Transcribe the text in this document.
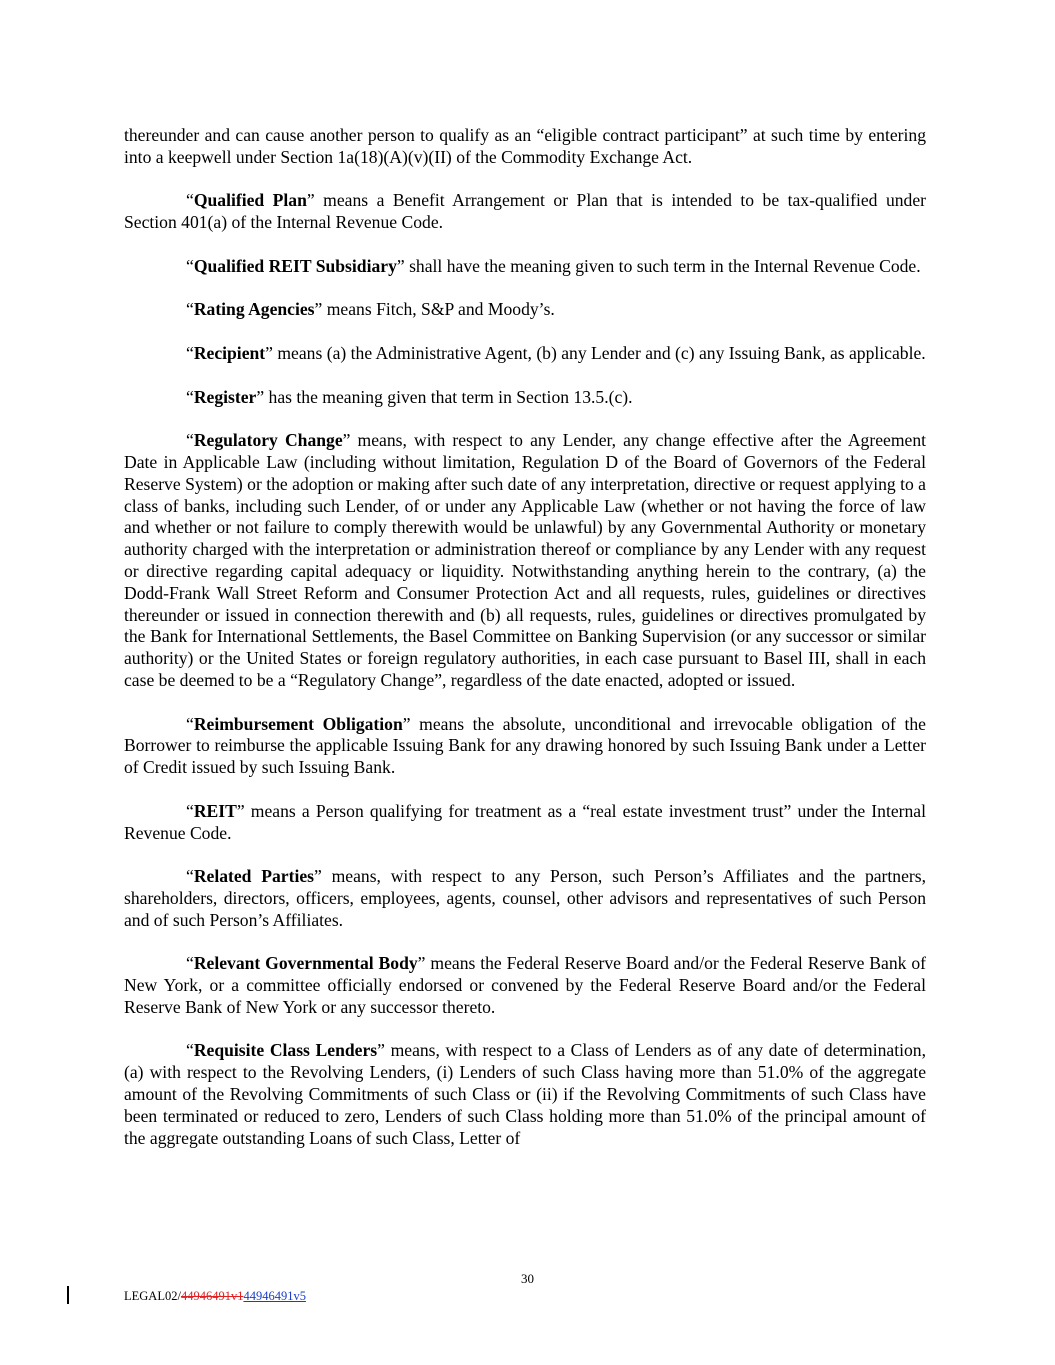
thereunder and can cause another person to qualify as an “eligible contract participant” at such time by entering into a keepwell under Section 1a(18)(A)(v)(II) of the Commodity Exchange Act.

“Qualified Plan” means a Benefit Arrangement or Plan that is intended to be tax-qualified under Section 401(a) of the Internal Revenue Code.

“Qualified REIT Subsidiary” shall have the meaning given to such term in the Internal Revenue Code.

“Rating Agencies” means Fitch, S&P and Moody’s.

“Recipient” means (a) the Administrative Agent, (b) any Lender and (c) any Issuing Bank, as applicable.

“Register” has the meaning given that term in Section 13.5.(c).

“Regulatory Change” means, with respect to any Lender, any change effective after the Agreement Date in Applicable Law (including without limitation, Regulation D of the Board of Governors of the Federal Reserve System) or the adoption or making after such date of any interpretation, directive or request applying to a class of banks, including such Lender, of or under any Applicable Law (whether or not having the force of law and whether or not failure to comply therewith would be unlawful) by any Governmental Authority or monetary authority charged with the interpretation or administration thereof or compliance by any Lender with any request or directive regarding capital adequacy or liquidity. Notwithstanding anything herein to the contrary, (a) the Dodd-Frank Wall Street Reform and Consumer Protection Act and all requests, rules, guidelines or directives thereunder or issued in connection therewith and (b) all requests, rules, guidelines or directives promulgated by the Bank for International Settlements, the Basel Committee on Banking Supervision (or any successor or similar authority) or the United States or foreign regulatory authorities, in each case pursuant to Basel III, shall in each case be deemed to be a “Regulatory Change”, regardless of the date enacted, adopted or issued.

“Reimbursement Obligation” means the absolute, unconditional and irrevocable obligation of the Borrower to reimburse the applicable Issuing Bank for any drawing honored by such Issuing Bank under a Letter of Credit issued by such Issuing Bank.

“REIT” means a Person qualifying for treatment as a “real estate investment trust” under the Internal Revenue Code.

“Related Parties” means, with respect to any Person, such Person’s Affiliates and the partners, shareholders, directors, officers, employees, agents, counsel, other advisors and representatives of such Person and of such Person’s Affiliates.

“Relevant Governmental Body” means the Federal Reserve Board and/or the Federal Reserve Bank of New York, or a committee officially endorsed or convened by the Federal Reserve Board and/or the Federal Reserve Bank of New York or any successor thereto.

“Requisite Class Lenders” means, with respect to a Class of Lenders as of any date of determination, (a) with respect to the Revolving Lenders, (i) Lenders of such Class having more than 51.0% of the aggregate amount of the Revolving Commitments of such Class or (ii) if the Revolving Commitments of such Class have been terminated or reduced to zero, Lenders of such Class holding more than 51.0% of the principal amount of the aggregate outstanding Loans of such Class, Letter of

30
LEGAL02/44946491v144946491v5
